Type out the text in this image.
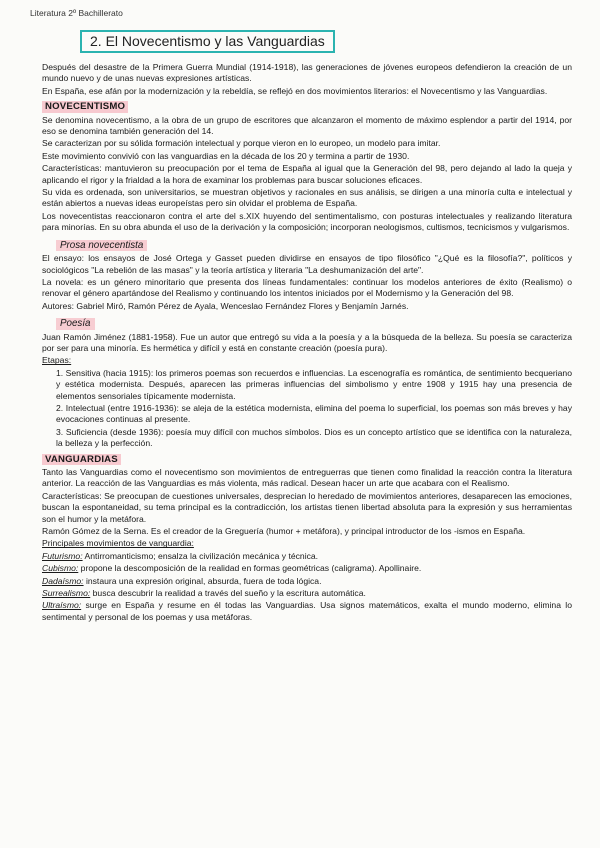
Literatura 2º Bachillerato
2. El Novecentismo y las Vanguardias

Después del desastre de la Primera Guerra Mundial (1914-1918), las generaciones de jóvenes europeos defendieron la creación de un mundo nuevo y de unas nuevas expresiones artísticas.

En España, ese afán por la modernización y la rebeldía, se reflejó en dos movimientos literarios: el Novecentismo y las Vanguardias.

NOVECENTISMO

Se denomina novecentismo, a la obra de un grupo de escritores que alcanzaron el momento de máximo esplendor a partir del 1914, por eso se denomina también generación del 14.

Se caracterizan por su sólida formación intelectual y porque vieron en lo europeo, un modelo para imitar.

Este movimiento convivió con las vanguardias en la década de los 20 y termina a partir de 1930.

Características: mantuvieron su preocupación por el tema de España al igual que la Generación del 98, pero dejando al lado la queja y aplicando el rigor y la frialdad a la hora de examinar los problemas para buscar soluciones eficaces.

Su vida es ordenada, son universitarios, se muestran objetivos y racionales en sus análisis, se dirigen a una minoría culta e intelectual y están abiertos a nuevas ideas europeístas pero sin olvidar el problema de España.

Los novecentistas reaccionaron contra el arte del s.XIX huyendo del sentimentalismo, con posturas intelectuales y realizando literatura para minorías. En su obra abunda el uso de la derivación y la composición; incorporan neologismos, cultismos, tecnicismos y vulgarismos.

Prosa novecentista

El ensayo: los ensayos de José Ortega y Gasset pueden dividirse en ensayos de tipo filosófico "¿Qué es la filosofía?", políticos y sociológicos "La rebelión de las masas" y la teoría artística y literaria "La deshumanización del arte".

La novela: es un género minoritario que presenta dos líneas fundamentales: continuar los modelos anteriores de éxito (Realismo) o renovar el género apartándose del Realismo y continuando los intentos iniciados por el Modernismo y la Generación del 98.

Autores: Gabriel Miró, Ramón Pérez de Ayala, Wenceslao Fernández Flores y Benjamín Jarnés.

Poesía

Juan Ramón Jiménez (1881-1958). Fue un autor que entregó su vida a la poesía y a la búsqueda de la belleza. Su poesía se caracteriza por ser para una minoría. Es hermética y difícil y está en constante creación (poesía pura).

Etapas:

1. Sensitiva (hacia 1915): los primeros poemas son recuerdos e influencias. La escenografía es romántica, de sentimiento becqueriano y estética modernista. Después, aparecen las primeras influencias del simbolismo y entre 1908 y 1915 hay una presencia de elementos sensoriales típicamente modernista.

2. Intelectual (entre 1916-1936): se aleja de la estética modernista, elimina del poema lo superficial, los poemas son más breves y hay evocaciones continuas al presente.

3. Suficiencia (desde 1936): poesía muy difícil con muchos símbolos. Dios es un concepto artístico que se identifica con la naturaleza, la belleza y la perfección.

VANGUARDIAS

Tanto las Vanguardias como el novecentismo son movimientos de entreguerras que tienen como finalidad la reacción contra la literatura anterior. La reacción de las Vanguardias es más violenta, más radical. Desean hacer un arte que acabara con el Realismo.

Características: Se preocupan de cuestiones universales, desprecian lo heredado de movimientos anteriores, desaparecen las emociones, buscan la espontaneidad, su tema principal es la contradicción, los artistas tienen libertad absoluta para la expresión y sus herramientas son el humor y la metáfora.

Ramón Gómez de la Serna. Es el creador de la Greguería (humor + metáfora), y principal introductor de los -ismos en España.

Principales movimientos de vanguardia:

Futurismo: Antirromanticismo; ensalza la civilización mecánica y técnica.

Cubismo: propone la descomposición de la realidad en formas geométricas (caligrama). Apollinaire.

Dadaísmo: instaura una expresión original, absurda, fuera de toda lógica.

Surrealismo: busca descubrir la realidad a través del sueño y la escritura automática.

Ultraísmo: surge en España y resume en él todas las Vanguardias. Usa signos matemáticos, exalta el mundo moderno, elimina lo sentimental y personal de los poemas y usa metáforas.
